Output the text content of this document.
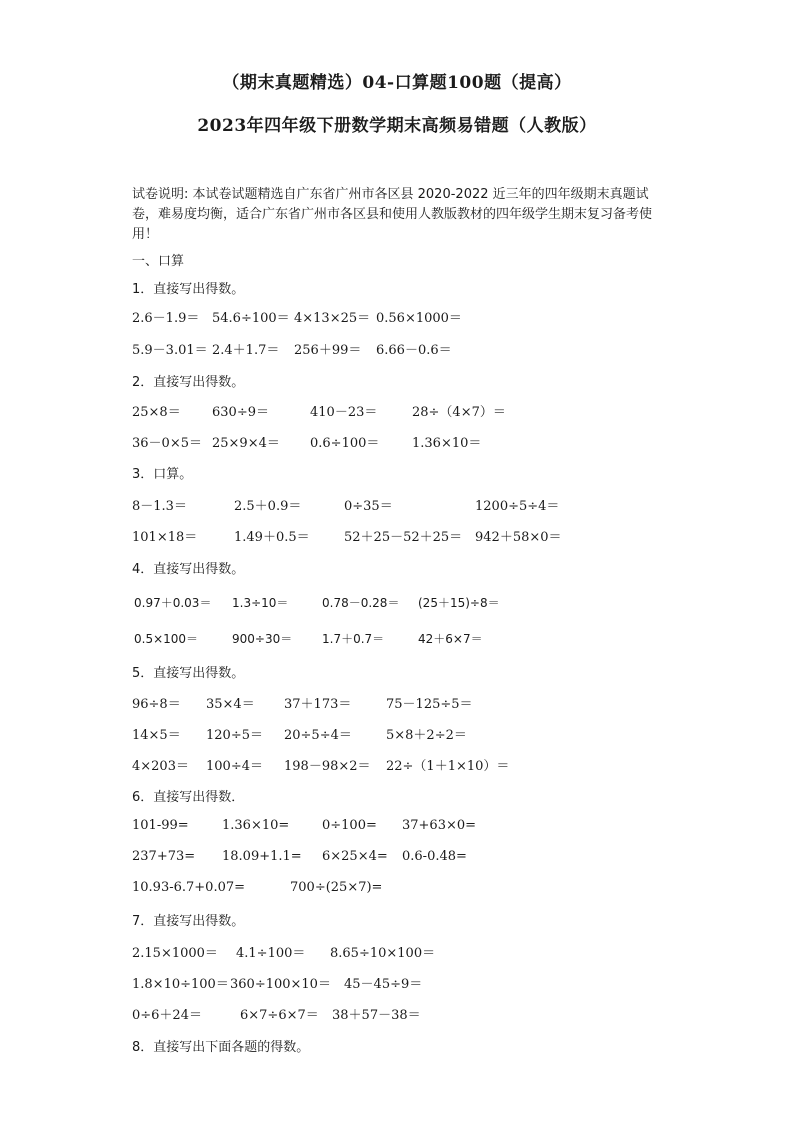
（期末真题精选）04-口算题100题（提高）
2023年四年级下册数学期末高频易错题（人教版）
试卷说明: 本试卷试题精选自广东省广州市各区县 2020-2022 近三年的四年级期末真题试卷，难易度均衡，适合广东省广州市各区县和使用人教版教材的四年级学生期末复习备考使用！
一、口算
1．直接写出得数。
2.6－1.9＝ 54.6÷100＝ 4×13×25＝ 0.56×1000＝
5.9－3.01＝ 2.4＋1.7＝ 256＋99＝ 6.66－0.6＝
2．直接写出得数。
25×8＝ 630÷9＝	410－23＝	28÷（4×7）＝
36－0×5＝ 25×9×4＝ 0.6÷100＝	1.36×10＝
3．口算。
8－1.3＝	2.5＋0.9＝	0÷35＝	1200÷5÷4＝
101×18＝	1.49＋0.5＝	52＋25－52＋25＝ 942＋58×0＝
4．直接写出得数。
0.97＋0.03＝ 1.3÷10＝	0.78－0.28＝ (25＋15)÷8＝
0.5×100＝	900÷30＝ 1.7＋0.7＝	42＋6×7＝
5．直接写出得数。
96÷8＝ 35×4＝ 37＋173＝	75－125÷5＝
14×5＝ 120÷5＝ 20÷5÷4＝	5×8＋2÷2＝
4×203＝ 100÷4＝ 198－98×2＝ 22÷（1＋1×10）＝
6．直接写出得数．
101-99=	1.36×10=	0÷100= 37+63×0=
237+73= 18.09+1.1= 6×25×4= 0.6-0.48=
10.93-6.7+0.07=	700÷(25×7)=
7．直接写出得数。
2.15×1000＝ 4.1÷100＝ 8.65÷10×100＝
1.8×10÷100＝ 360÷100×10＝ 45－45÷9＝
0÷6＋24＝	6×7÷6×7＝ 38＋57－38＝
8．直接写出下面各题的得数。
